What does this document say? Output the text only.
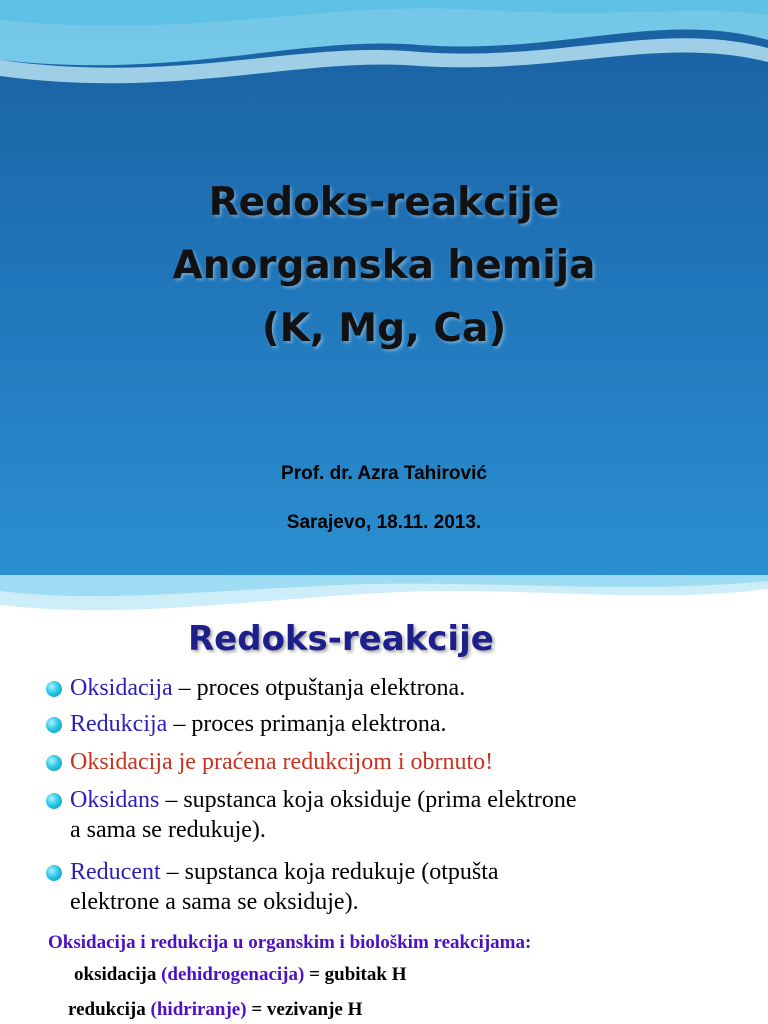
Redoks-reakcije
Anorganska hemija
(K, Mg, Ca)
Prof. dr. Azra Tahirović
Sarajevo, 18.11. 2013.
Redoks-reakcije
Oksidacija – proces otpuštanja elektrona.
Redukcija – proces primanja elektrona.
Oksidacija je praćena redukcijom i obrnuto!
Oksidans – supstanca koja oksiduje (prima elektrone
a sama se redukuje).
Reducent – supstanca koja redukuje (otpušta
elektrone a sama se oksiduje).
Oksidacija i redukcija u organskim i biološkim reakcijama:
oksidacija (dehidrogenacija) = gubitak H
redukcija (hidriranje) = vezivanje H
